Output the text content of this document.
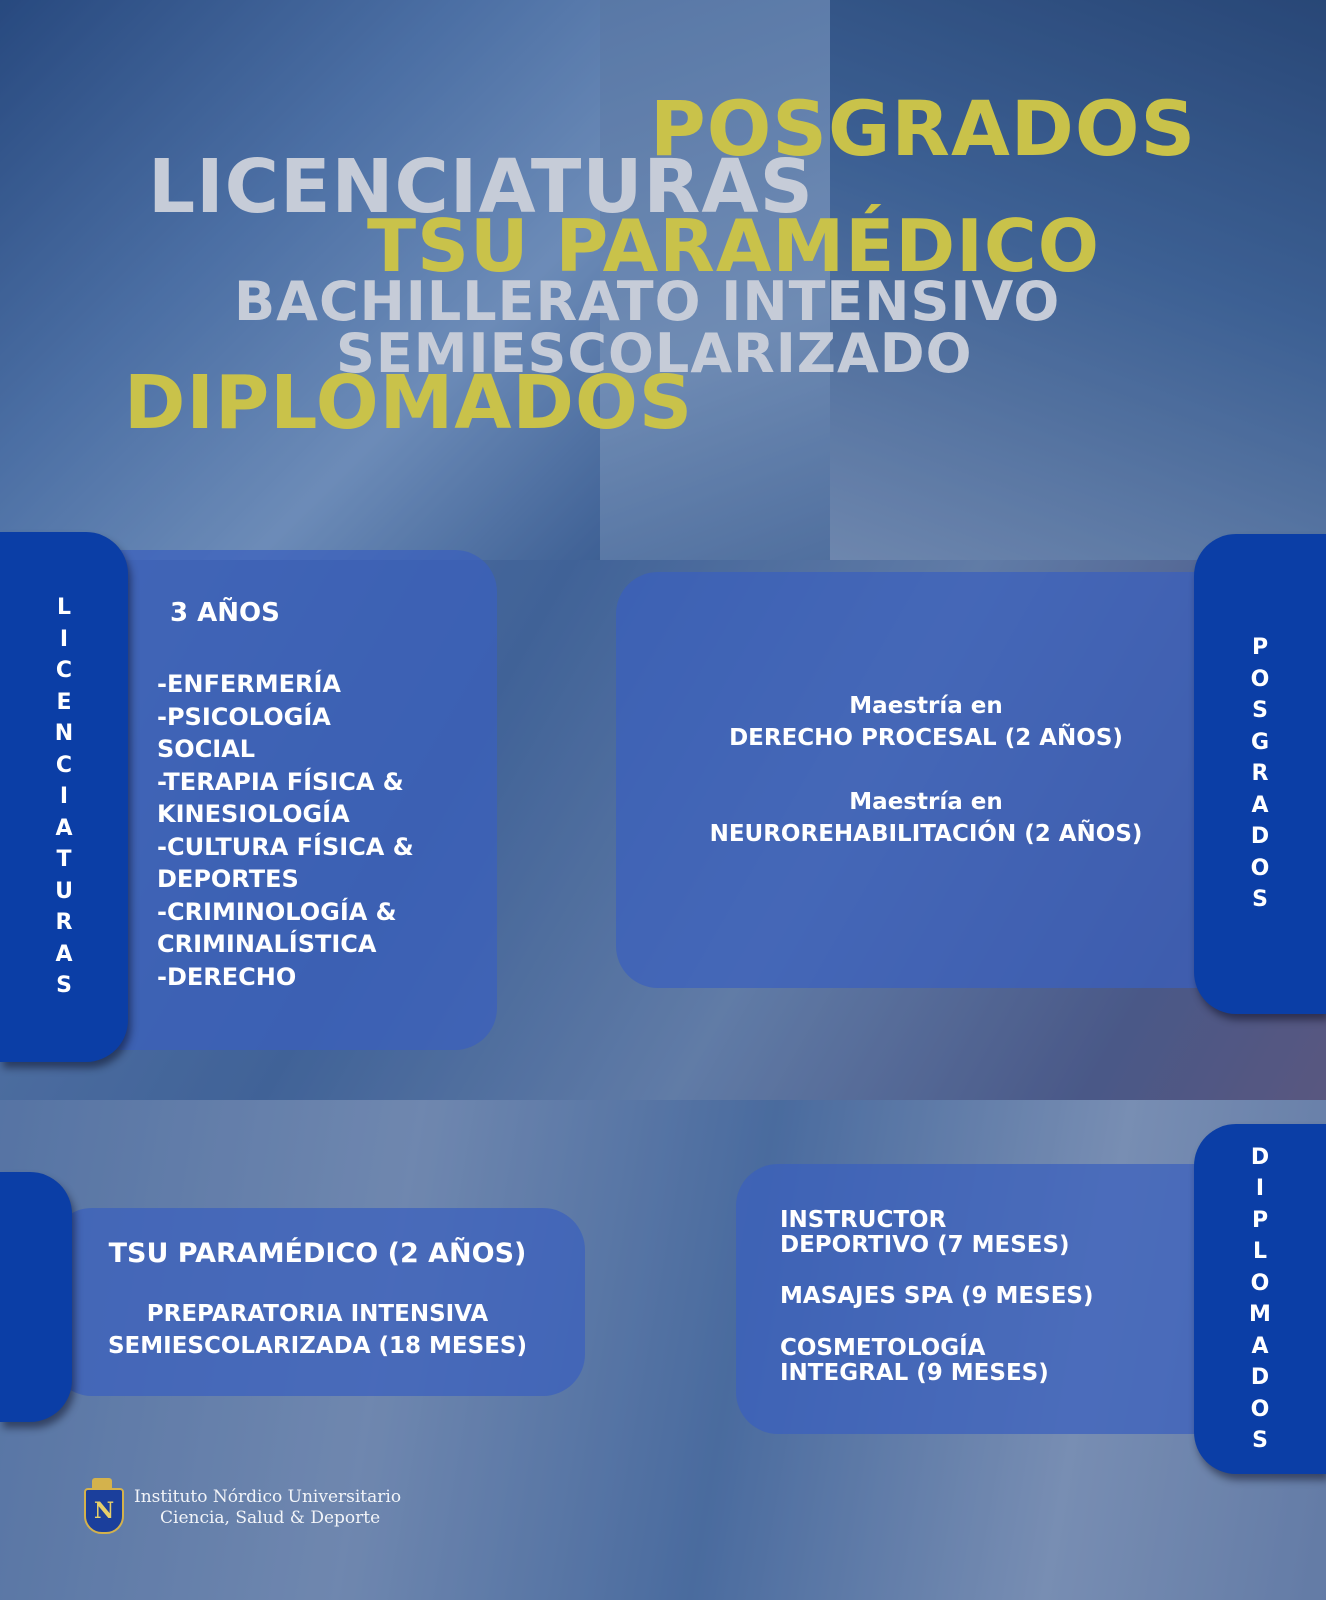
POSGRADOS
LICENCIATURAS
TSU PARAMÉDICO
BACHILLERATO INTENSIVO
SEMIESCOLARIZADO
DIPLOMADOS
3 AÑOS
-ENFERMERÍA
-PSICOLOGÍA
SOCIAL
-TERAPIA FÍSICA &
KINESIOLOGÍA
-CULTURA FÍSICA &
DEPORTES
-CRIMINOLOGÍA &
CRIMINALÍSTICA
-DERECHO
L
I
C
E
N
C
I
A
T
U
R
A
S
Maestría en
DERECHO PROCESAL (2 AÑOS)
Maestría en
NEUROREHABILITACIÓN (2 AÑOS)
P
O
S
G
R
A
D
O
S
TSU PARAMÉDICO (2 AÑOS)
PREPARATORIA INTENSIVA
SEMIESCOLARIZADA (18 MESES)
INSTRUCTOR
DEPORTIVO (7 MESES)
MASAJES SPA (9 MESES)
COSMETOLOGÍA
INTEGRAL (9 MESES)
D
I
P
L
O
M
A
D
O
S
N
Instituto Nórdico Universitario
Ciencia, Salud & Deporte
